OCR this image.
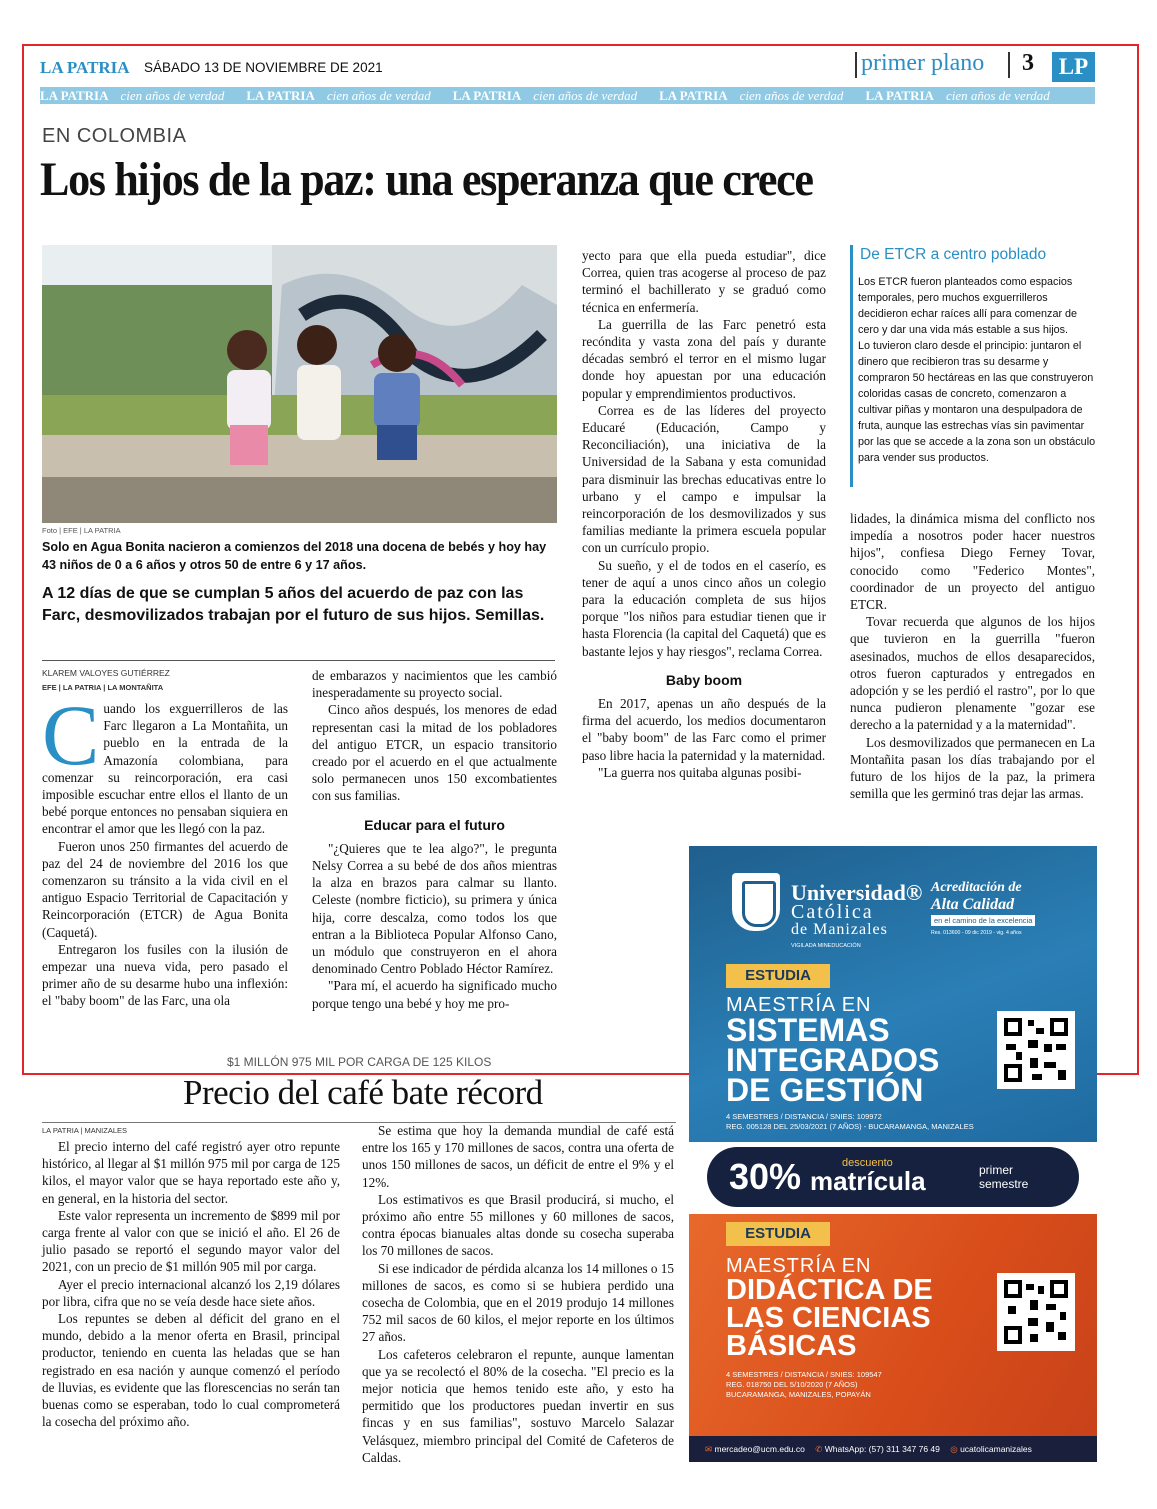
LA PATRIA SÁBADO 13 DE NOVIEMBRE DE 2021	primer plano 3 LP
LA PATRIA cien años de verdad LA PATRIA cien años de verdad LA PATRIA cien años de verdad LA PATRIA cien años de verdad LA PATRIA cien años de verdad
EN COLOMBIA
Los hijos de la paz: una esperanza que crece
Foto | EFE | LA PATRIA
Solo en Agua Bonita nacieron a comienzos del 2018 una docena de bebés y hoy hay 43 niños de 0 a 6 años y otros 50 de entre 6 y 17 años.
A 12 días de que se cumplan 5 años del acuerdo de paz con las Farc, desmovilizados trabajan por el futuro de sus hijos. Semillas.
KLAREM VALOYES GUTIÉRREZ
EFE | LA PATRIA | LA MONTAÑITA

Cuando los exguerrilleros de las Farc llegaron a La Montañita, un pueblo en la entrada de la Amazonía colombiana, para comenzar su reincorporación, era casi imposible escuchar entre ellos el llanto de un bebé porque entonces no pensaban siquiera en encontrar el amor que les llegó con la paz.

Fueron unos 250 firmantes del acuerdo de paz del 24 de noviembre del 2016 los que comenzaron su tránsito a la vida civil en el antiguo Espacio Territorial de Capacitación y Reincorporación (ETCR) de Agua Bonita (Caquetá).

Entregaron los fusiles con la ilusión de empezar una nueva vida, pero pasado el primer año de su desarme hubo una inflexión: el "baby boom" de las Farc, una ola

de embarazos y nacimientos que les cambió inesperadamente su proyecto social.

Cinco años después, los menores de edad representan casi la mitad de los pobladores del antiguo ETCR, un espacio transitorio creado por el acuerdo en el que actualmente solo permanecen unos 150 excombatientes con sus familias.

Educar para el futuro

"¿Quieres que te lea algo?", le pregunta Nelsy Correa a su bebé de dos años mientras la alza en brazos para calmar su llanto. Celeste (nombre ficticio), su primera y única hija, corre descalza, como todos los que entran a la Biblioteca Popular Alfonso Cano, un módulo que construyeron en el ahora denominado Centro Poblado Héctor Ramírez.

"Para mí, el acuerdo ha significado mucho porque tengo una bebé y hoy me pro-

yecto para que ella pueda estudiar", dice Correa, quien tras acogerse al proceso de paz terminó el bachillerato y se graduó como técnica en enfermería.

La guerrilla de las Farc penetró esta recóndita y vasta zona del país y durante décadas sembró el terror en el mismo lugar donde hoy apuestan por una educación popular y emprendimientos productivos.

Correa es de las líderes del proyecto Educaré (Educación, Campo y Reconciliación), una iniciativa de la Universidad de la Sabana y esta comunidad para disminuir las brechas educativas entre lo urbano y el campo e impulsar la reincorporación de los desmovilizados y sus familias mediante la primera escuela popular con un currículo propio.

Su sueño, y el de todos en el caserío, es tener de aquí a unos cinco años un colegio para la educación completa de sus hijos porque "los niños para estudiar tienen que ir hasta Florencia (la capital del Caquetá) que es bastante lejos y hay riesgos", reclama Correa.

Baby boom

En 2017, apenas un año después de la firma del acuerdo, los medios documentaron el "baby boom" de las Farc como el primer paso libre hacia la paternidad y la maternidad.

"La guerra nos quitaba algunas posibi-

De ETCR a centro poblado

Los ETCR fueron planteados como espacios temporales, pero muchos exguerrilleros decidieron echar raíces allí para comenzar de cero y dar una vida más estable a sus hijos.

Lo tuvieron claro desde el principio: juntaron el dinero que recibieron tras su desarme y compraron 50 hectáreas en las que construyeron coloridas casas de concreto, comenzaron a cultivar piñas y montaron una despulpadora de fruta, aunque las estrechas vías sin pavimentar por las que se accede a la zona son un obstáculo para vender sus productos.

lidades, la dinámica misma del conflicto nos impedía a nosotros poder hacer nuestros hijos", confiesa Diego Ferney Tovar, conocido como "Federico Montes", coordinador de un proyecto del antiguo ETCR.

Tovar recuerda que algunos de los hijos que tuvieron en la guerrilla "fueron asesinados, muchos de ellos desaparecidos, otros fueron capturados y entregados en adopción y se les perdió el rastro", por lo que nunca pudieron plenamente "gozar ese derecho a la paternidad y a la maternidad".

Los desmovilizados que permanecen en La Montañita pasan los días trabajando por el futuro de los hijos de la paz, la primera semilla que les germinó tras dejar las armas.

$1 MILLÓN 975 MIL POR CARGA DE 125 KILOS
Precio del café bate récord
LA PATRIA | MANIZALES

El precio interno del café registró ayer otro repunte histórico, al llegar al $1 millón 975 mil por carga de 125 kilos, el mayor valor que se haya reportado este año y, en general, en la historia del sector.

Este valor representa un incremento de $899 mil por carga frente al valor con que se inició el año. El 26 de julio pasado se reportó el segundo mayor valor del 2021, con un precio de $1 millón 905 mil por carga.

Ayer el precio internacional alcanzó los 2,19 dólares por libra, cifra que no se veía desde hace siete años.

Los repuntes se deben al déficit del grano en el mundo, debido a la menor oferta en Brasil, principal productor, teniendo en cuenta las heladas que se han registrado en esa nación y aunque comenzó el período de lluvias, es evidente que las florescencias no serán tan buenas como se esperaban, todo lo cual comprometerá la cosecha del próximo año.

Se estima que hoy la demanda mundial de café está entre los 165 y 170 millones de sacos, contra una oferta de unos 150 millones de sacos, un déficit de entre el 9% y el 12%.

Los estimativos es que Brasil producirá, si mucho, el próximo año entre 55 millones y 60 millones de sacos, contra épocas bianuales altas donde su cosecha superaba los 70 millones de sacos.

Si ese indicador de pérdida alcanza los 14 millones o 15 millones de sacos, es como si se hubiera perdido una cosecha de Colombia, que en el 2019 produjo 14 millones 752 mil sacos de 60 kilos, el mejor reporte en los últimos 27 años.

Los cafeteros celebraron el repunte, aunque lamentan que ya se recolectó el 80% de la cosecha. "El precio es la mejor noticia que hemos tenido este año, y esto ha permitido que los productores puedan invertir en sus fincas y en sus familias", sostuvo Marcelo Salazar Velásquez, miembro principal del Comité de Cafeteros de Caldas.

Universidad®
Católica
de Manizales
VIGILADA MINEDUCACIÓN
Acreditación de
Alta Calidad
en el camino de la excelencia
Res. 013600 - 09 dic 2019 - vig. 4 años
ESTUDIA
MAESTRÍA EN
SISTEMAS
INTEGRADOS
DE GESTIÓN
4 SEMESTRES / DISTANCIA / SNIES: 109972
REG. 005128 DEL 25/03/2021 (7 AÑOS) - BUCARAMANGA, MANIZALES
30%	descuento
matrícula	primer
semestre
ESTUDIA
MAESTRÍA EN
DIDÁCTICA DE
LAS CIENCIAS
BÁSICAS
4 SEMESTRES / DISTANCIA / SNIES: 109547
REG. 018750 DEL 5/10/2020 (7 AÑOS)
BUCARAMANGA, MANIZALES, POPAYÁN
✉ mercadeo@ucm.edu.co ✆ WhatsApp: (57) 311 347 76 49 ◎ ucatolicamanizales
